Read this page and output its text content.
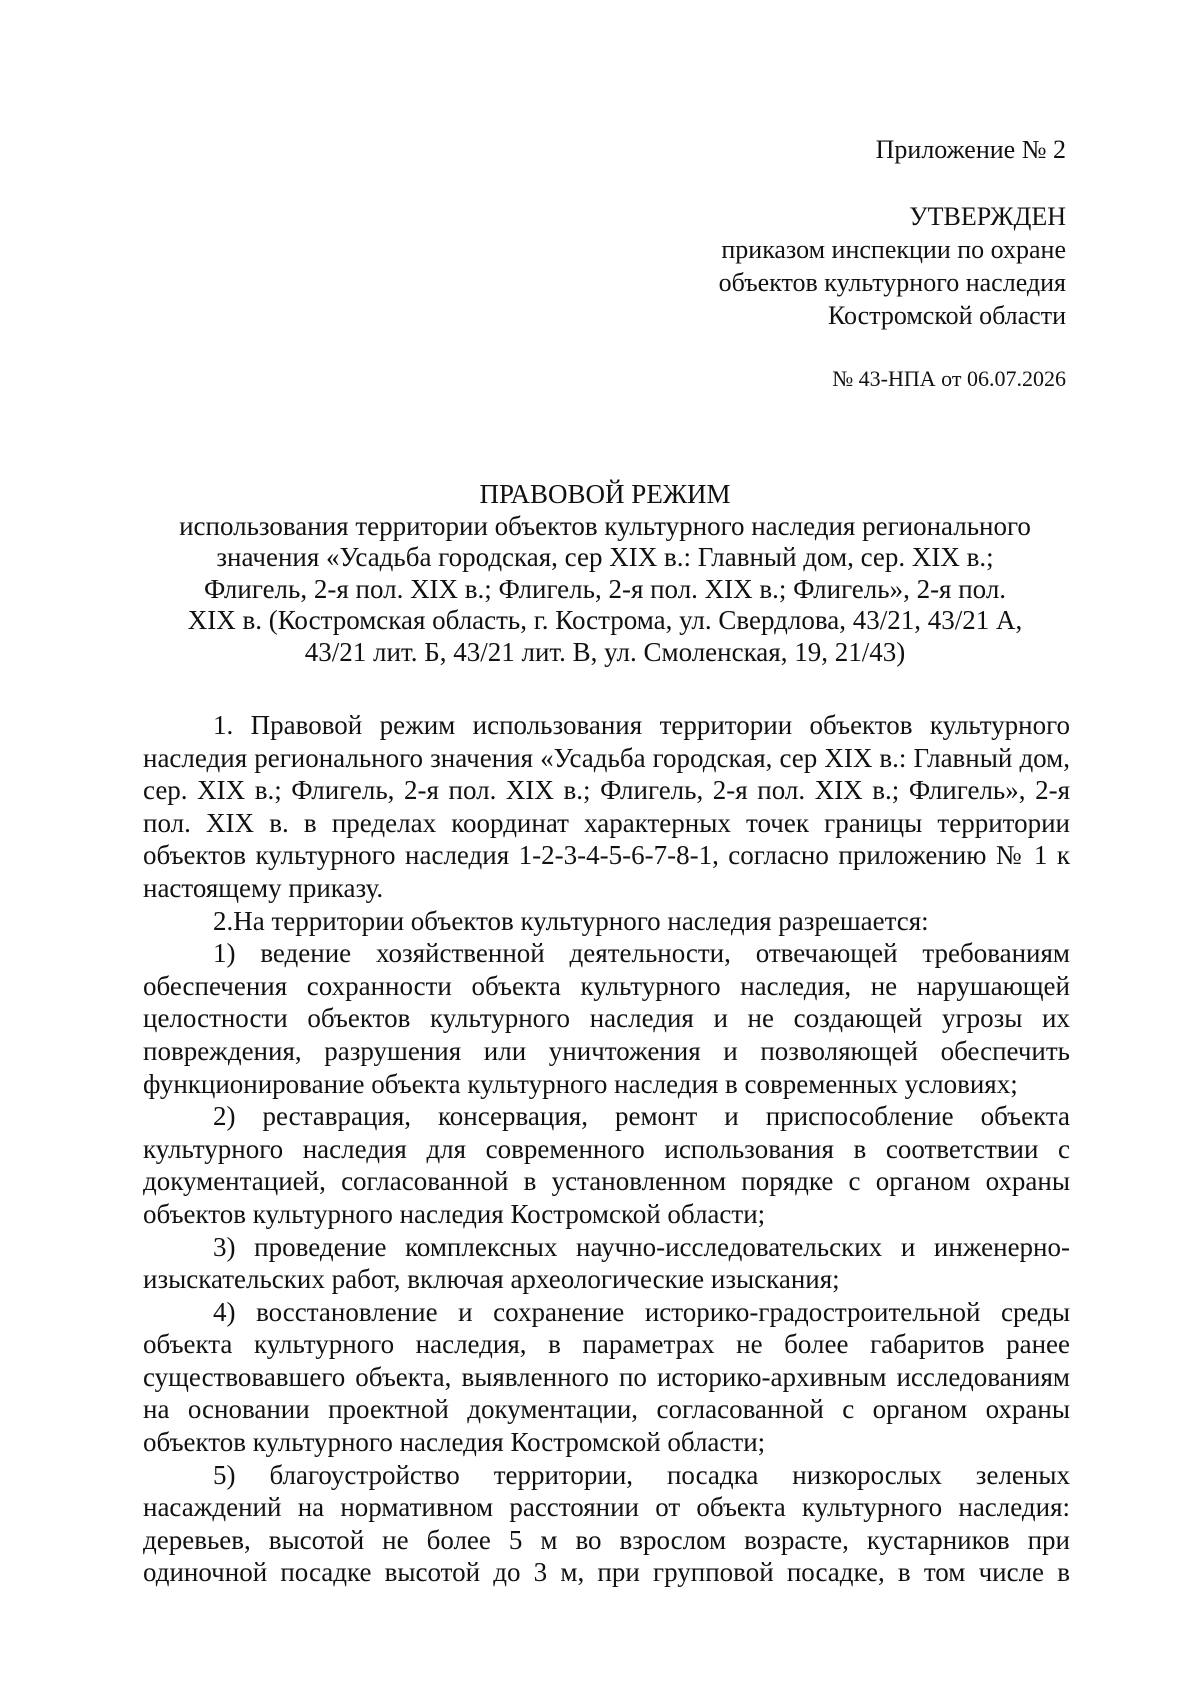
Приложение № 2
УТВЕРЖДЕН
приказом инспекции по охране
объектов культурного наследия
Костромской области
№ 43-НПА от 06.07.2026
ПРАВОВОЙ РЕЖИМ
использования территории объектов культурного наследия регионального
значения «Усадьба городская, сер XIX в.: Главный дом, сер. XIX в.;
Флигель, 2-я пол. XIX в.; Флигель, 2-я пол. XIX в.; Флигель», 2-я пол.
XIX в. (Костромская область, г. Кострома, ул. Свердлова, 43/21, 43/21 А,
43/21 лит. Б, 43/21 лит. В, ул. Смоленская, 19, 21/43)

1. Правовой режим использования территории объектов культурного наследия регионального значения «Усадьба городская, сер XIX в.: Главный дом, сер. XIX в.; Флигель, 2-я пол. XIX в.; Флигель, 2-я пол. XIX в.; Флигель», 2-я пол. XIX в. в пределах координат характерных точек границы территории объектов культурного наследия 1-2-3-4-5-6-7-8-1, согласно приложению № 1 к настоящему приказу.

2.На территории объектов культурного наследия разрешается:

1) ведение хозяйственной деятельности, отвечающей требованиям обеспечения сохранности объекта культурного наследия, не нарушающей целостности объектов культурного наследия и не создающей угрозы их повреждения, разрушения или уничтожения и позволяющей обеспечить функционирование объекта культурного наследия в современных условиях;

2) реставрация, консервация, ремонт и приспособление объекта культурного наследия для современного использования в соответствии с документацией, согласованной в установленном порядке с органом охраны объектов культурного наследия Костромской области;

3) проведение комплексных научно-исследовательских и инженерно-изыскательских работ, включая археологические изыскания;

4) восстановление и сохранение историко-градостроительной среды объекта культурного наследия, в параметрах не более габаритов ранее существовавшего объекта, выявленного по историко-архивным исследованиям на основании проектной документации, согласованной с органом охраны объектов культурного наследия Костромской области;

5) благоустройство территории, посадка низкорослых зеленых насаждений на нормативном расстоянии от объекта культурного наследия: деревьев, высотой не более 5 м во взрослом возрасте, кустарников при одиночной посадке высотой до 3 м, при групповой посадке, в том числе в
